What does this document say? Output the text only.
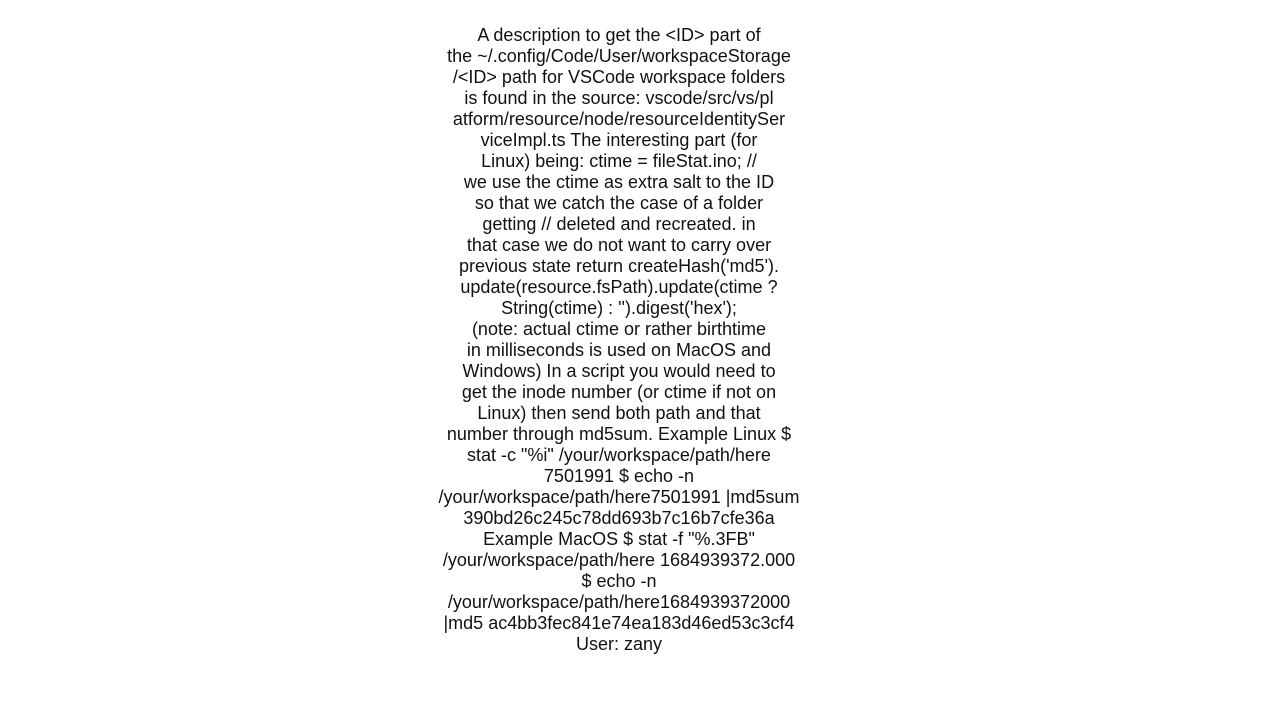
A description to get the <ID> part of
the ~/.config/Code/User/workspaceStorage
/<ID> path for VSCode workspace folders
is found in the source: vscode/src/vs/pl
atform/resource/node/resourceIdentitySer
viceImpl.ts The interesting part (for
Linux) being: ctime = fileStat.ino; //
we use the ctime as extra salt to the ID
so that we catch the case of a folder
getting // deleted and recreated. in
that case we do not want to carry over
previous state return createHash('md5').
update(resource.fsPath).update(ctime ?
String(ctime) : '').digest('hex');
(note: actual ctime or rather birthtime
in milliseconds is used on MacOS and
Windows) In a script you would need to
get the inode number (or ctime if not on
Linux) then send both path and that
number through md5sum. Example Linux $
stat -c "%i" /your/workspace/path/here
7501991 $ echo -n
/your/workspace/path/here7501991 |md5sum
390bd26c245c78dd693b7c16b7cfe36a
Example MacOS $ stat -f "%.3FB"
/your/workspace/path/here 1684939372.000
$ echo -n
/your/workspace/path/here1684939372000
|md5 ac4bb3fec841e74ea183d46ed53c3cf4
User: zany
